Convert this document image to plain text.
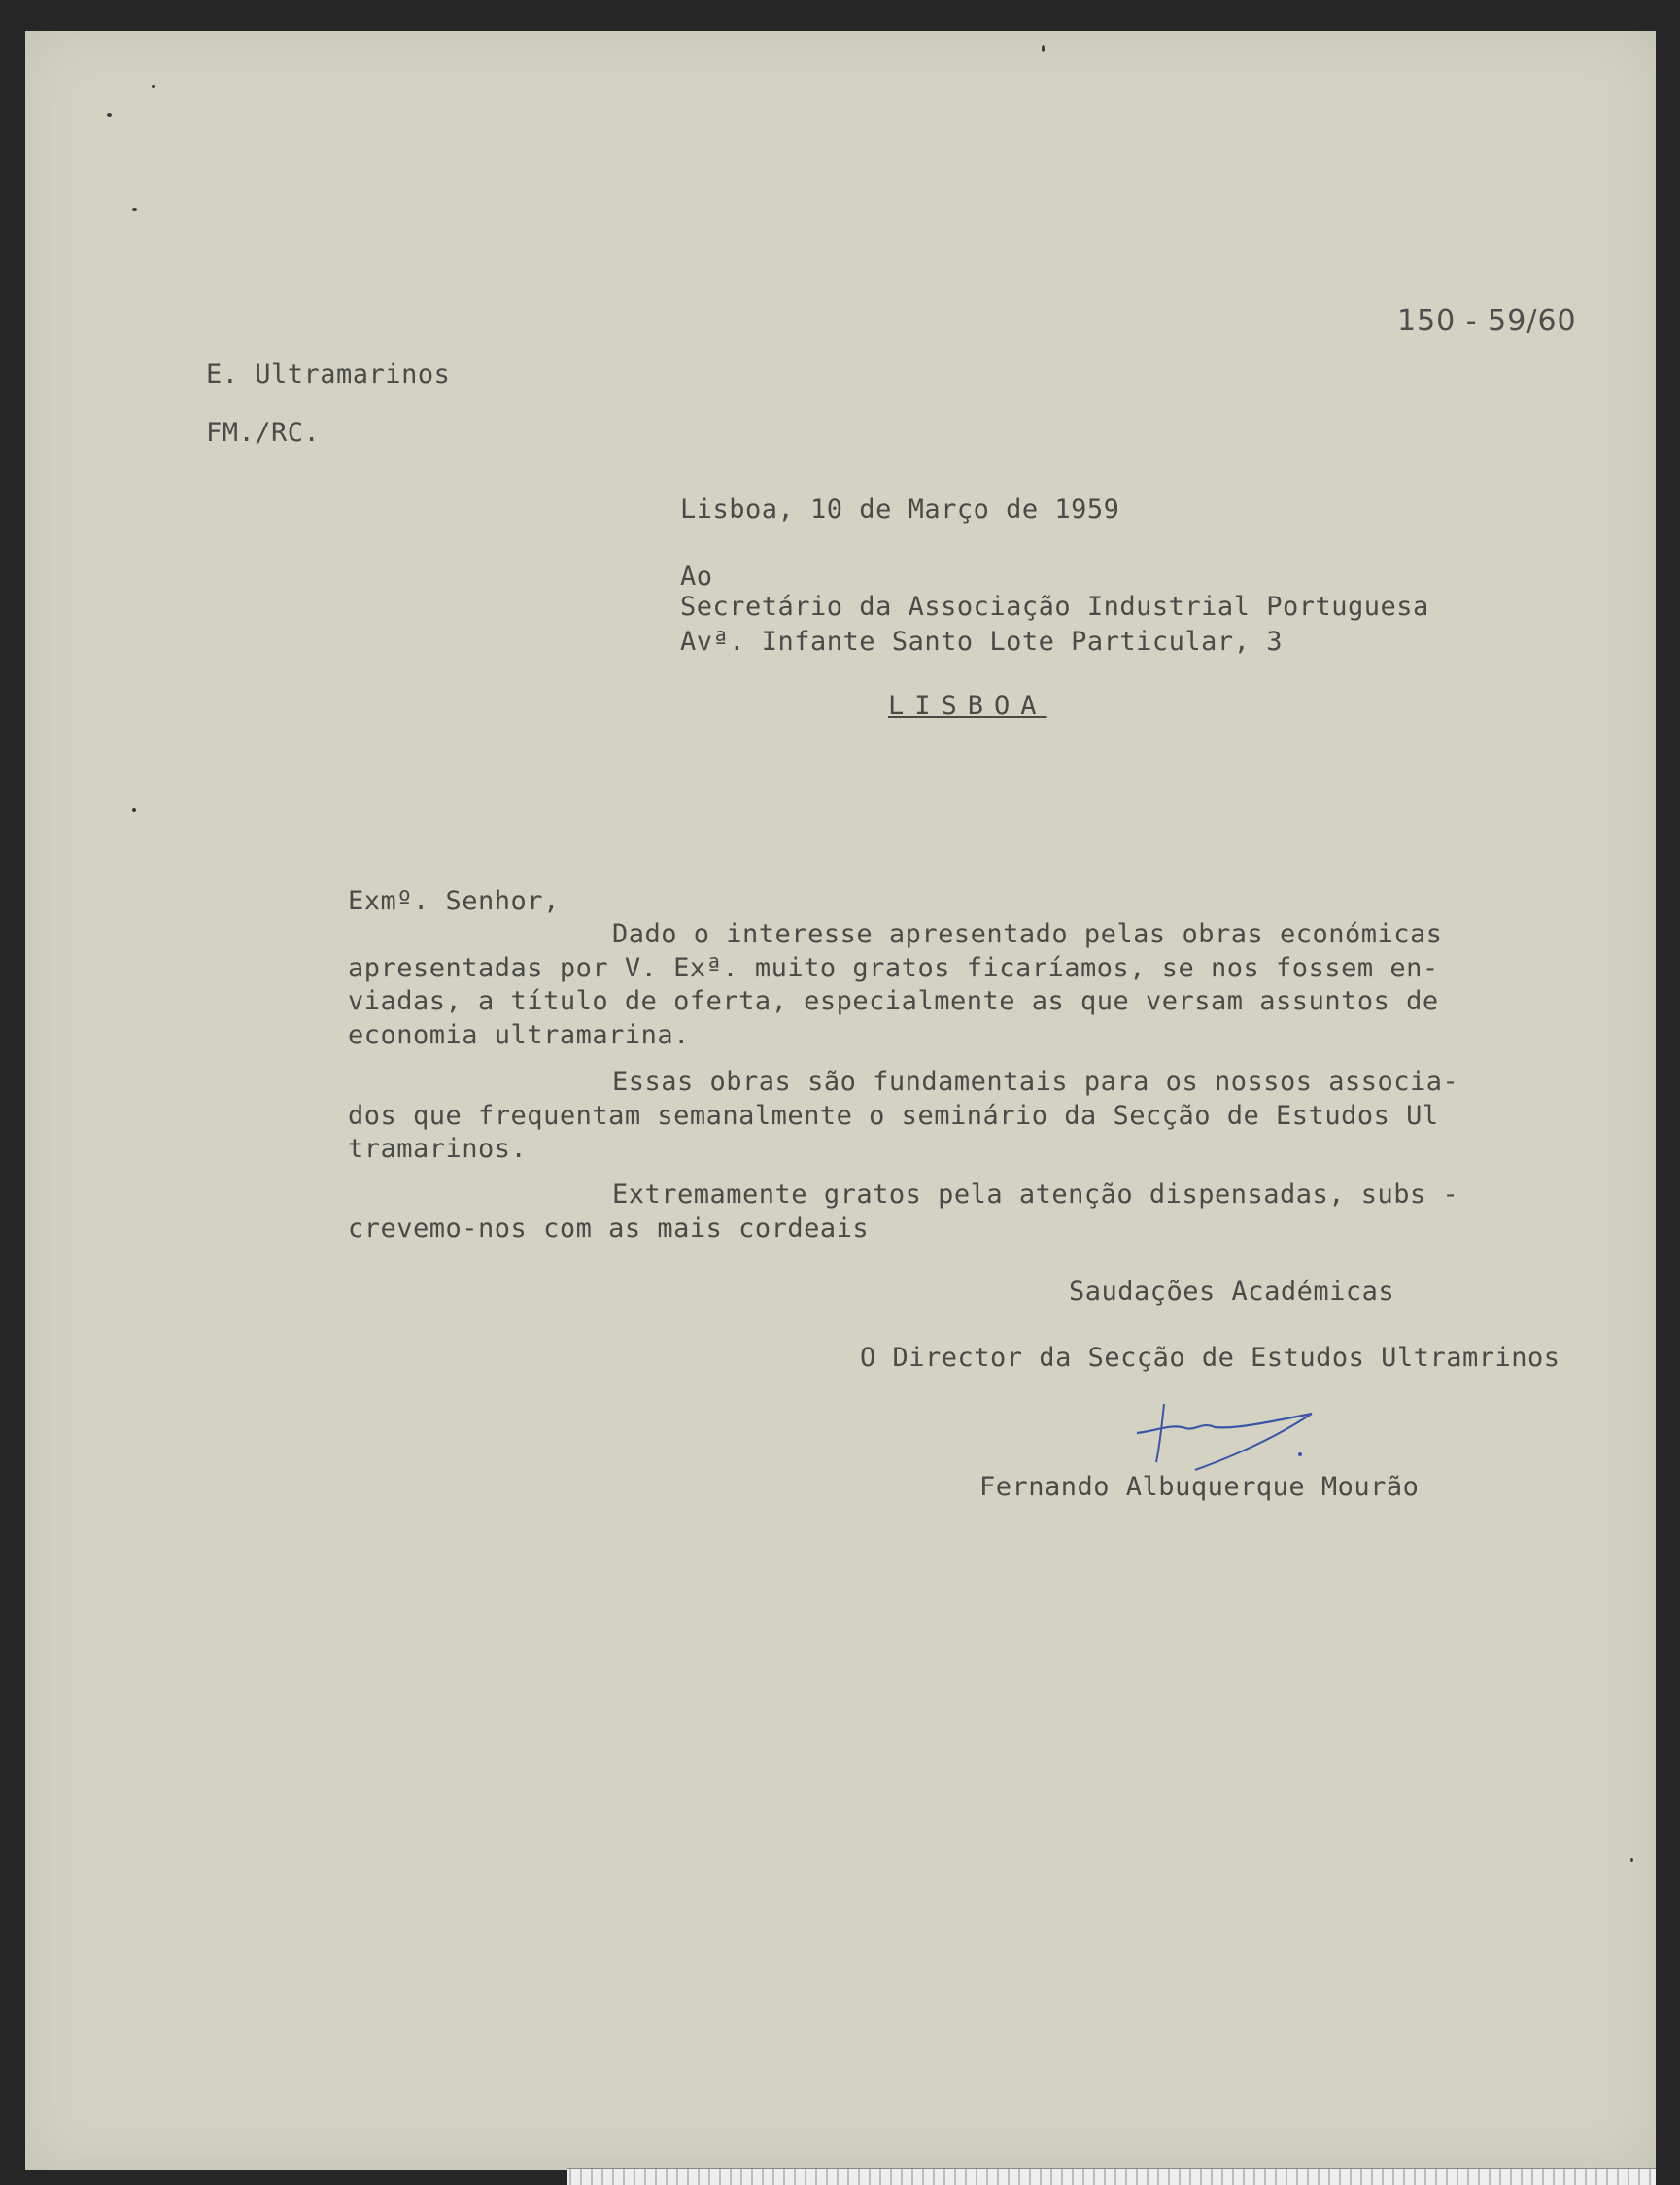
150 - 59/60
E. Ultramarinos
FM./RC.
Lisboa, 10 de Março de 1959
Ao
Secretário da Associação Industrial Portuguesa
Avª. Infante Santo Lote Particular, 3
LISBOA
Exmº. Senhor,
Dado o interesse apresentado pelas obras económicas
apresentadas por V. Exª. muito gratos ficaríamos, se nos fossem en-
viadas, a título de oferta, especialmente as que versam assuntos de
economia ultramarina.
Essas obras são fundamentais para os nossos associa-
dos que frequentam semanalmente o seminário da Secção de Estudos Ul
tramarinos.
Extremamente gratos pela atenção dispensadas, subs -
crevemo-nos com as mais cordeais
Saudações Académicas
O Director da Secção de Estudos Ultramrinos
Fernando Albuquerque Mourão
